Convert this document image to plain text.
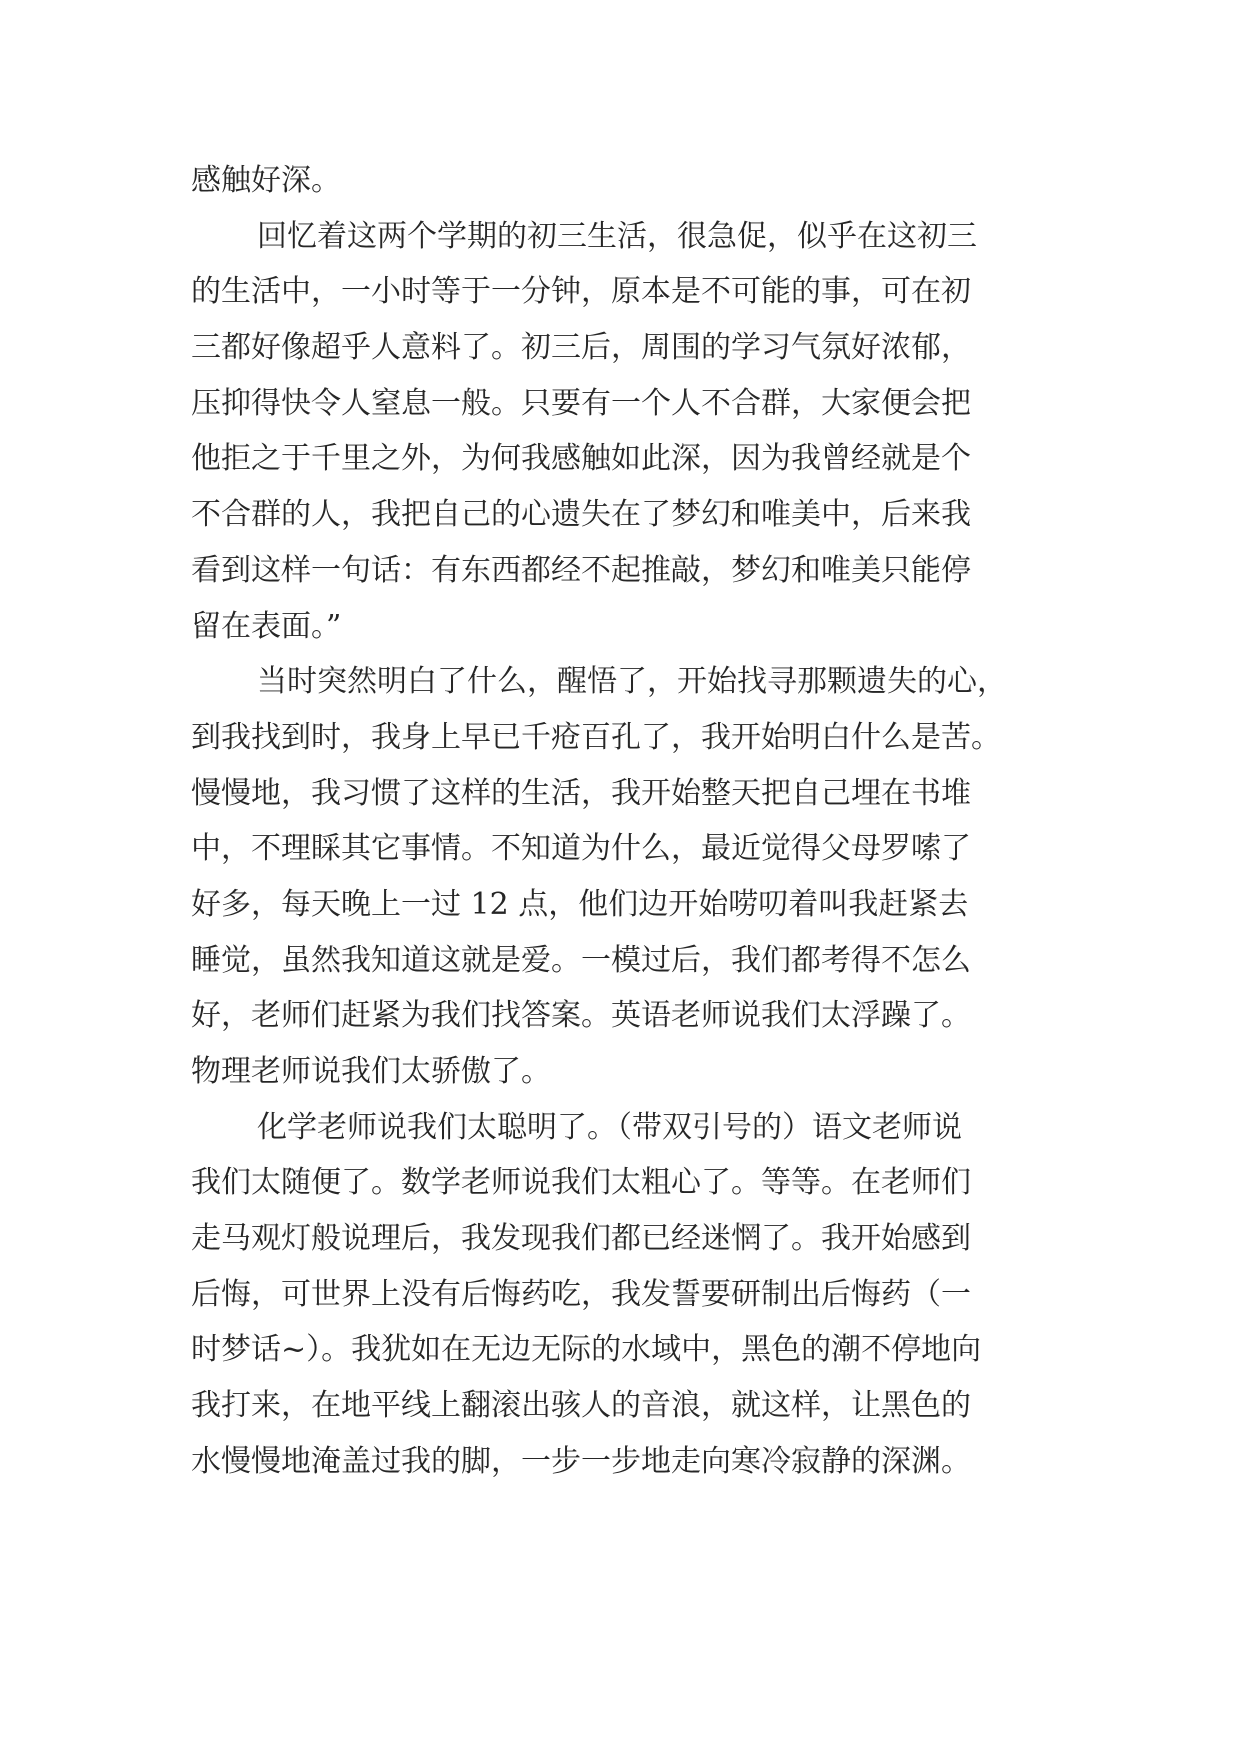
感触好深。
回忆着这两个学期的初三生活，很急促，似乎在这初三
的生活中，一小时等于一分钟，原本是不可能的事，可在初
三都好像超乎人意料了。初三后，周围的学习气氛好浓郁，
压抑得快令人窒息一般。只要有一个人不合群，大家便会把
他拒之于千里之外，为何我感触如此深，因为我曾经就是个
不合群的人，我把自己的心遗失在了梦幻和唯美中，后来我
看到这样一句话：有东西都经不起推敲，梦幻和唯美只能停
留在表面。”
当时突然明白了什么，醒悟了，开始找寻那颗遗失的心，
到我找到时，我身上早已千疮百孔了，我开始明白什么是苦。
慢慢地，我习惯了这样的生活，我开始整天把自己埋在书堆
中，不理睬其它事情。不知道为什么，最近觉得父母罗嗦了
好多，每天晚上一过 12 点，他们边开始唠叨着叫我赶紧去
睡觉，虽然我知道这就是爱。一模过后，我们都考得不怎么
好，老师们赶紧为我们找答案。英语老师说我们太浮躁了。
物理老师说我们太骄傲了。
化学老师说我们太聪明了。（带双引号的）语文老师说
我们太随便了。数学老师说我们太粗心了。等等。在老师们
走马观灯般说理后，我发现我们都已经迷惘了。我开始感到
后悔，可世界上没有后悔药吃，我发誓要研制出后悔药（一
时梦话~）。我犹如在无边无际的水域中，黑色的潮不停地向
我打来，在地平线上翻滚出骇人的音浪，就这样，让黑色的
水慢慢地淹盖过我的脚，一步一步地走向寒冷寂静的深渊。
